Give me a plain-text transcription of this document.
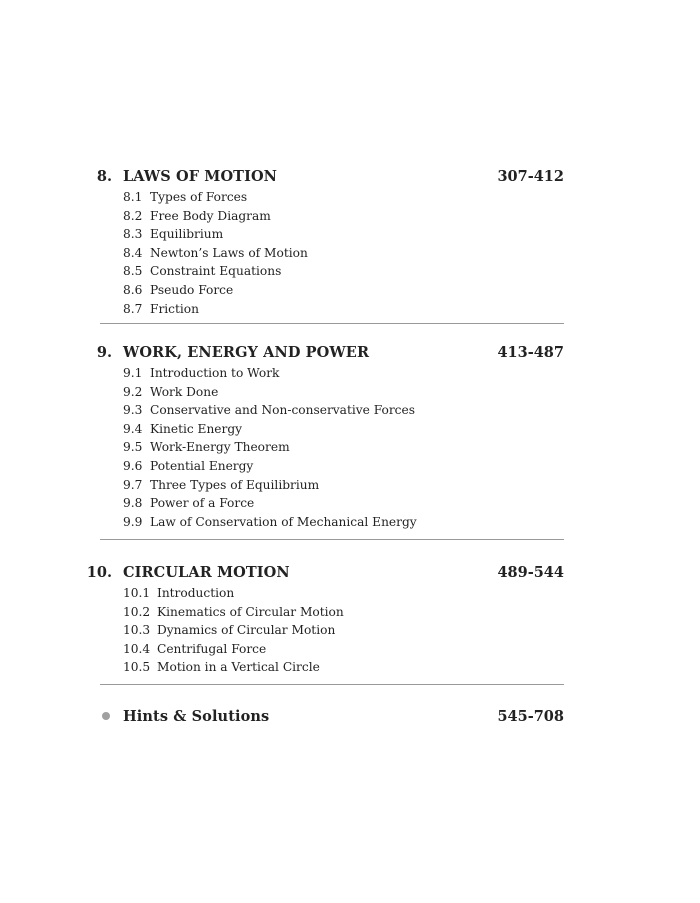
8. LAWS OF MOTION	307-412
8.1 Types of Forces
8.2 Free Body Diagram
8.3 Equilibrium
8.4 Newton’s Laws of Motion
8.5 Constraint Equations
8.6 Pseudo Force
8.7 Friction
9. WORK, ENERGY AND POWER	413-487
9.1 Introduction to Work
9.2 Work Done
9.3 Conservative and Non-conservative Forces
9.4 Kinetic Energy
9.5 Work-Energy Theorem
9.6 Potential Energy
9.7 Three Types of Equilibrium
9.8 Power of a Force
9.9 Law of Conservation of Mechanical Energy
10. CIRCULAR MOTION	489-544
10.1 Introduction
10.2 Kinematics of Circular Motion
10.3 Dynamics of Circular Motion
10.4 Centrifugal Force
10.5 Motion in a Vertical Circle
Hints & Solutions	545-708
